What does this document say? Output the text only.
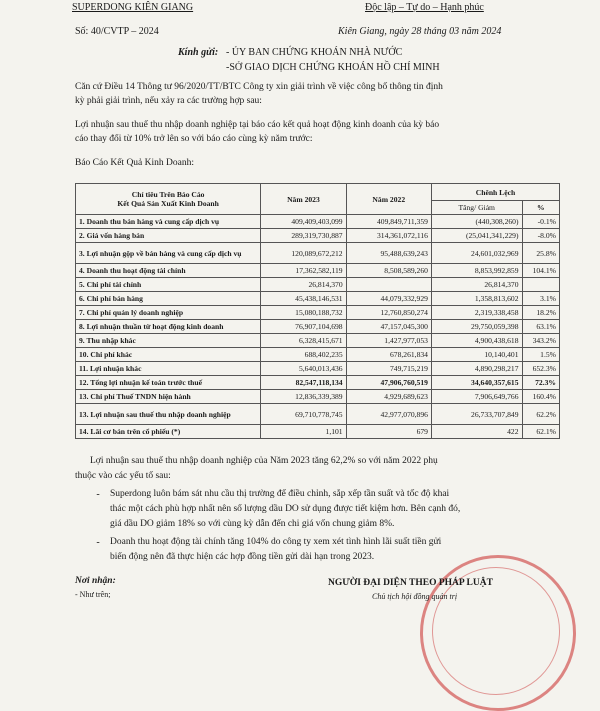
SUPERDONG KIÊN GIANG	Độc lập – Tự do – Hạnh phúc
Số: 40/CVTP – 2024	Kiên Giang, ngày 28 tháng 03 năm 2024
Kính gửi: - ỦY BAN CHỨNG KHOÁN NHÀ NƯỚC
-SỞ GIAO DỊCH CHỨNG KHOÁN HỒ CHÍ MINH
Căn cứ Điều 14 Thông tư 96/2020/TT/BTC Công ty xin giải trình về việc công bố thông tin định
kỳ phải giải trình, nếu xảy ra các trường hợp sau:
Lợi nhuận sau thuế thu nhập doanh nghiệp tại báo cáo kết quả hoạt động kinh doanh của kỳ báo
cáo thay đổi từ 10% trở lên so với báo cáo cùng kỳ năm trước:
Báo Cáo Kết Quả Kinh Doanh:
Chỉ tiêu Trên Báo Cáo
Kết Quả Sản Xuất Kinh Doanh	Năm 2023	Năm 2022	Chênh Lệch	
			Tăng/ Giảm	%
1. Doanh thu bán hàng và cung cấp dịch vụ	409,409,403,099	409,849,711,359	(440,308,260)	-0.1%
2. Giá vốn hàng bán	289,319,730,887	314,361,072,116	(25,041,341,229)	-8.0%
3. Lợi nhuận gộp về bán hàng và cung cấp dịch vụ	120,089,672,212	95,488,639,243	24,601,032,969	25.8%
4. Doanh thu hoạt động tài chính	17,362,582,119	8,508,589,260	8,853,992,859	104.1%
5. Chi phí tài chính	26,814,370		26,814,370	
6. Chi phí bán hàng	45,438,146,531	44,079,332,929	1,358,813,602	3.1%
7. Chi phí quản lý doanh nghiệp	15,080,188,732	12,760,850,274	2,319,338,458	18.2%
8. Lợi nhuận thuần từ hoạt động kinh doanh	76,907,104,698	47,157,045,300	29,750,059,398	63.1%
9. Thu nhập khác	6,328,415,671	1,427,977,053	4,900,438,618	343.2%
10. Chi phí khác	688,402,235	678,261,834	10,140,401	1.5%
11. Lợi nhuận khác	5,640,013,436	749,715,219	4,890,298,217	652.3%
12. Tổng lợi nhuận kế toán trước thuế	82,547,118,134	47,906,760,519	34,640,357,615	72.3%
13. Chi phí Thuế TNDN hiện hành	12,836,339,389	4,929,689,623	7,906,649,766	160.4%
13. Lợi nhuận sau thuế thu nhập doanh nghiệp	69,710,778,745	42,977,070,896	26,733,707,849	62.2%
14. Lãi cơ bản trên cổ phiếu (*)	1,101	679	422	62.1%
Lợi nhuận sau thuế thu nhập doanh nghiệp của Năm 2023 tăng 62,2% so với năm 2022 phụ
thuộc vào các yếu tố sau:
- Superdong luôn bám sát nhu cầu thị trường để điều chỉnh, sắp xếp tần suất và tốc độ khai
thác một cách phù hợp nhất nên số lượng dầu DO sử dụng được tiết kiệm hơn. Bên cạnh đó,
giá dầu DO giảm 18% so với cùng kỳ dẫn đến chi giá vốn chung giảm 8%.
- Doanh thu hoạt động tài chính tăng 104% do công ty xem xét tình hình lãi suất tiền gửi
biến động nên đã thực hiện các hợp đồng tiền gửi dài hạn trong 2023.
Nơi nhận:
- Như trên;
NGƯỜI ĐẠI DIỆN THEO PHÁP LUẬT
Chủ tịch hội đồng quản trị
